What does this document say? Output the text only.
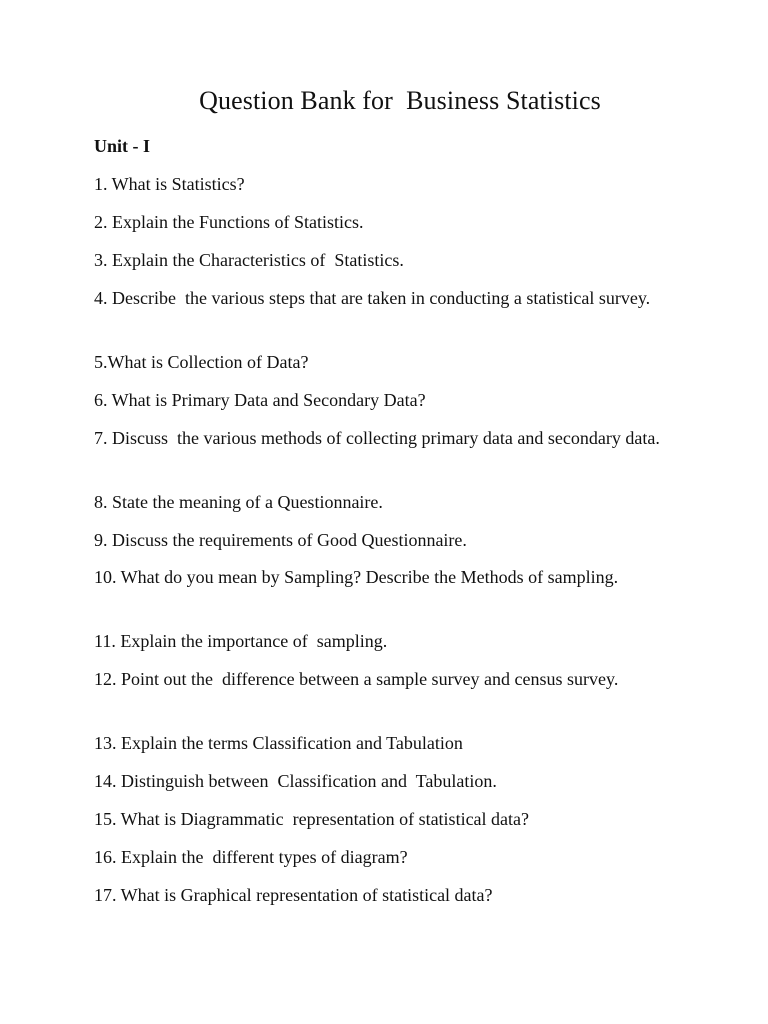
Question Bank for  Business Statistics
Unit - I
1. What is Statistics?
2. Explain the Functions of Statistics.
3. Explain the Characteristics of  Statistics.
4. Describe  the various steps that are taken in conducting a statistical survey.
5.What is Collection of Data?
6. What is Primary Data and Secondary Data?
7. Discuss  the various methods of collecting primary data and secondary data.
8. State the meaning of a Questionnaire.
9. Discuss the requirements of Good Questionnaire.
10. What do you mean by Sampling? Describe the Methods of sampling.
11. Explain the importance of  sampling.
12. Point out the  difference between a sample survey and census survey.
13. Explain the terms Classification and Tabulation
14. Distinguish between  Classification and  Tabulation.
15. What is Diagrammatic  representation of statistical data?
16. Explain the  different types of diagram?
17. What is Graphical representation of statistical data?
